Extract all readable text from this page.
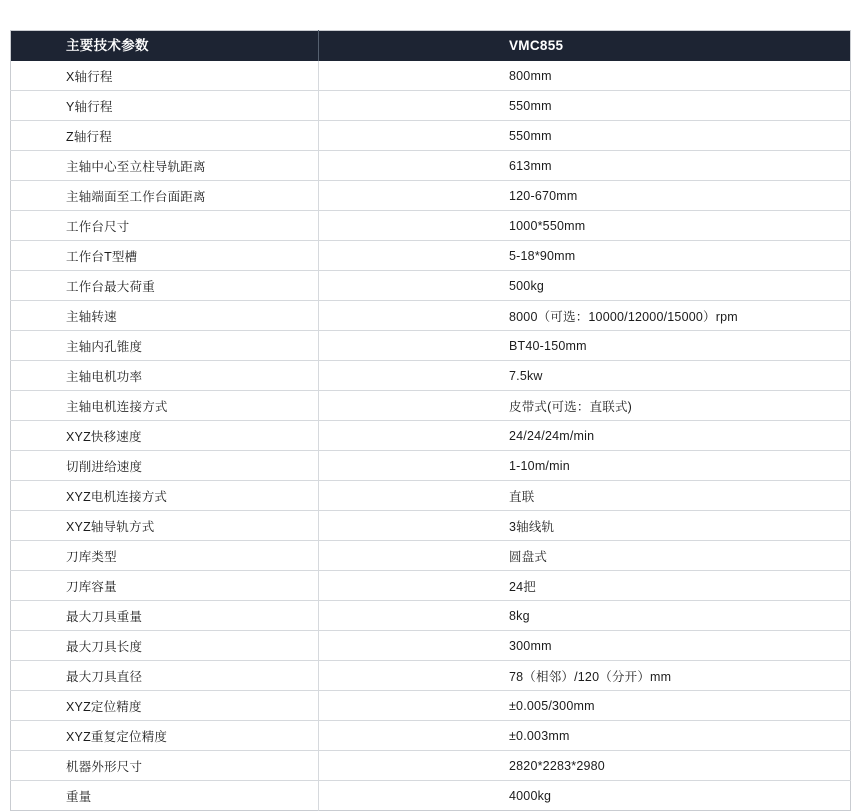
主要技术参数	VMC855
X轴行程	800mm
Y轴行程	550mm
Z轴行程	550mm
主轴中心至立柱导轨距离	613mm
主轴端面至工作台面距离	120-670mm
工作台尺寸	1000*550mm
工作台T型槽	5-18*90mm
工作台最大荷重	500kg
主轴转速	8000（可选：10000/12000/15000）rpm
主轴内孔锥度	BT40-150mm
主轴电机功率	7.5kw
主轴电机连接方式	皮带式(可选：直联式)
XYZ快移速度	24/24/24m/min
切削进给速度	1-10m/min
XYZ电机连接方式	直联
XYZ轴导轨方式	3轴线轨
刀库类型	圆盘式
刀库容量	24把
最大刀具重量	8kg
最大刀具长度	300mm
最大刀具直径	78（相邻）/120（分开）mm
XYZ定位精度	±0.005/300mm
XYZ重复定位精度	±0.003mm
机器外形尺寸	2820*2283*2980
重量	4000kg
